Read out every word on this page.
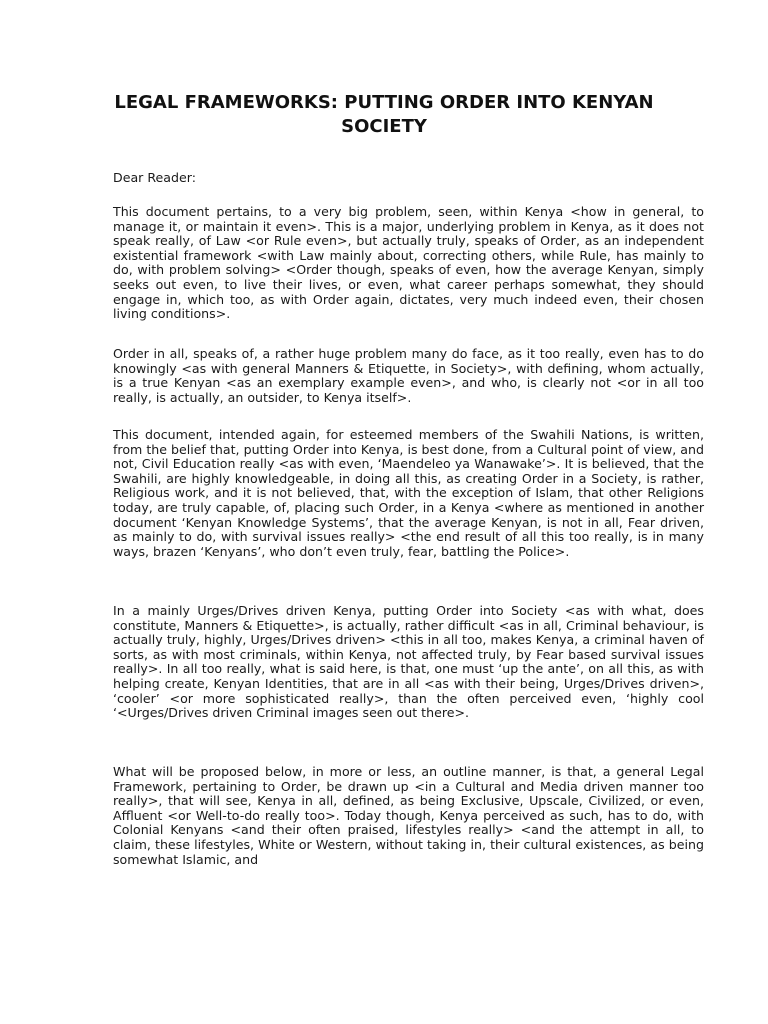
LEGAL FRAMEWORKS: PUTTING ORDER INTO KENYAN SOCIETY

Dear Reader:

This document pertains, to a very big problem, seen, within Kenya <how in general, to manage it, or maintain it even>. This is a major, underlying problem in Kenya, as it does not speak really, of Law <or Rule even>, but actually truly, speaks of Order, as an independent existential framework <with Law mainly about, correcting others, while Rule, has mainly to do, with problem solving> <Order though, speaks of even, how the average Kenyan, simply seeks out even, to live their lives, or even, what career perhaps somewhat, they should engage in, which too, as with Order again, dictates, very much indeed even, their chosen living conditions>.

Order in all, speaks of, a rather huge problem many do face, as it too really, even has to do knowingly <as with general Manners & Etiquette, in Society>, with defining, whom actually, is a true Kenyan <as an exemplary example even>, and who, is clearly not <or in all too really, is actually, an outsider, to Kenya itself>.

This document, intended again, for esteemed members of the Swahili Nations, is written, from the belief that, putting Order into Kenya, is best done, from a Cultural point of view, and not, Civil Education really <as with even, ‘Maendeleo ya Wanawake’>. It is believed, that the Swahili, are highly knowledgeable, in doing all this, as creating Order in a Society, is rather, Religious work, and it is not believed, that, with the exception of Islam, that other Religions today, are truly capable, of, placing such Order, in a Kenya <where as mentioned in another document ‘Kenyan Knowledge Systems’, that the average Kenyan, is not in all, Fear driven, as mainly to do, with survival issues really> <the end result of all this too really, is in many ways, brazen ‘Kenyans’, who don’t even truly, fear, battling the Police>.

In a mainly Urges/Drives driven Kenya, putting Order into Society <as with what, does constitute, Manners & Etiquette>, is actually, rather difficult <as in all, Criminal behaviour, is actually truly, highly, Urges/Drives driven> <this in all too, makes Kenya, a criminal haven of sorts, as with most criminals, within Kenya, not affected truly, by Fear based survival issues really>. In all too really, what is said here, is that, one must ‘up the ante’, on all this, as with helping create, Kenyan Identities, that are in all <as with their being, Urges/Drives driven>, ‘cooler’ <or more sophisticated really>, than the often perceived even, ‘highly cool ‘<Urges/Drives driven Criminal images seen out there>.

What will be proposed below, in more or less, an outline manner, is that, a general Legal Framework, pertaining to Order, be drawn up <in a Cultural and Media driven manner too really>, that will see, Kenya in all, defined, as being Exclusive, Upscale, Civilized, or even, Affluent <or Well-to-do really too>. Today though, Kenya perceived as such, has to do, with Colonial Kenyans <and their often praised, lifestyles really> <and the attempt in all, to claim, these lifestyles, White or Western, without taking in, their cultural existences, as being somewhat Islamic, and
